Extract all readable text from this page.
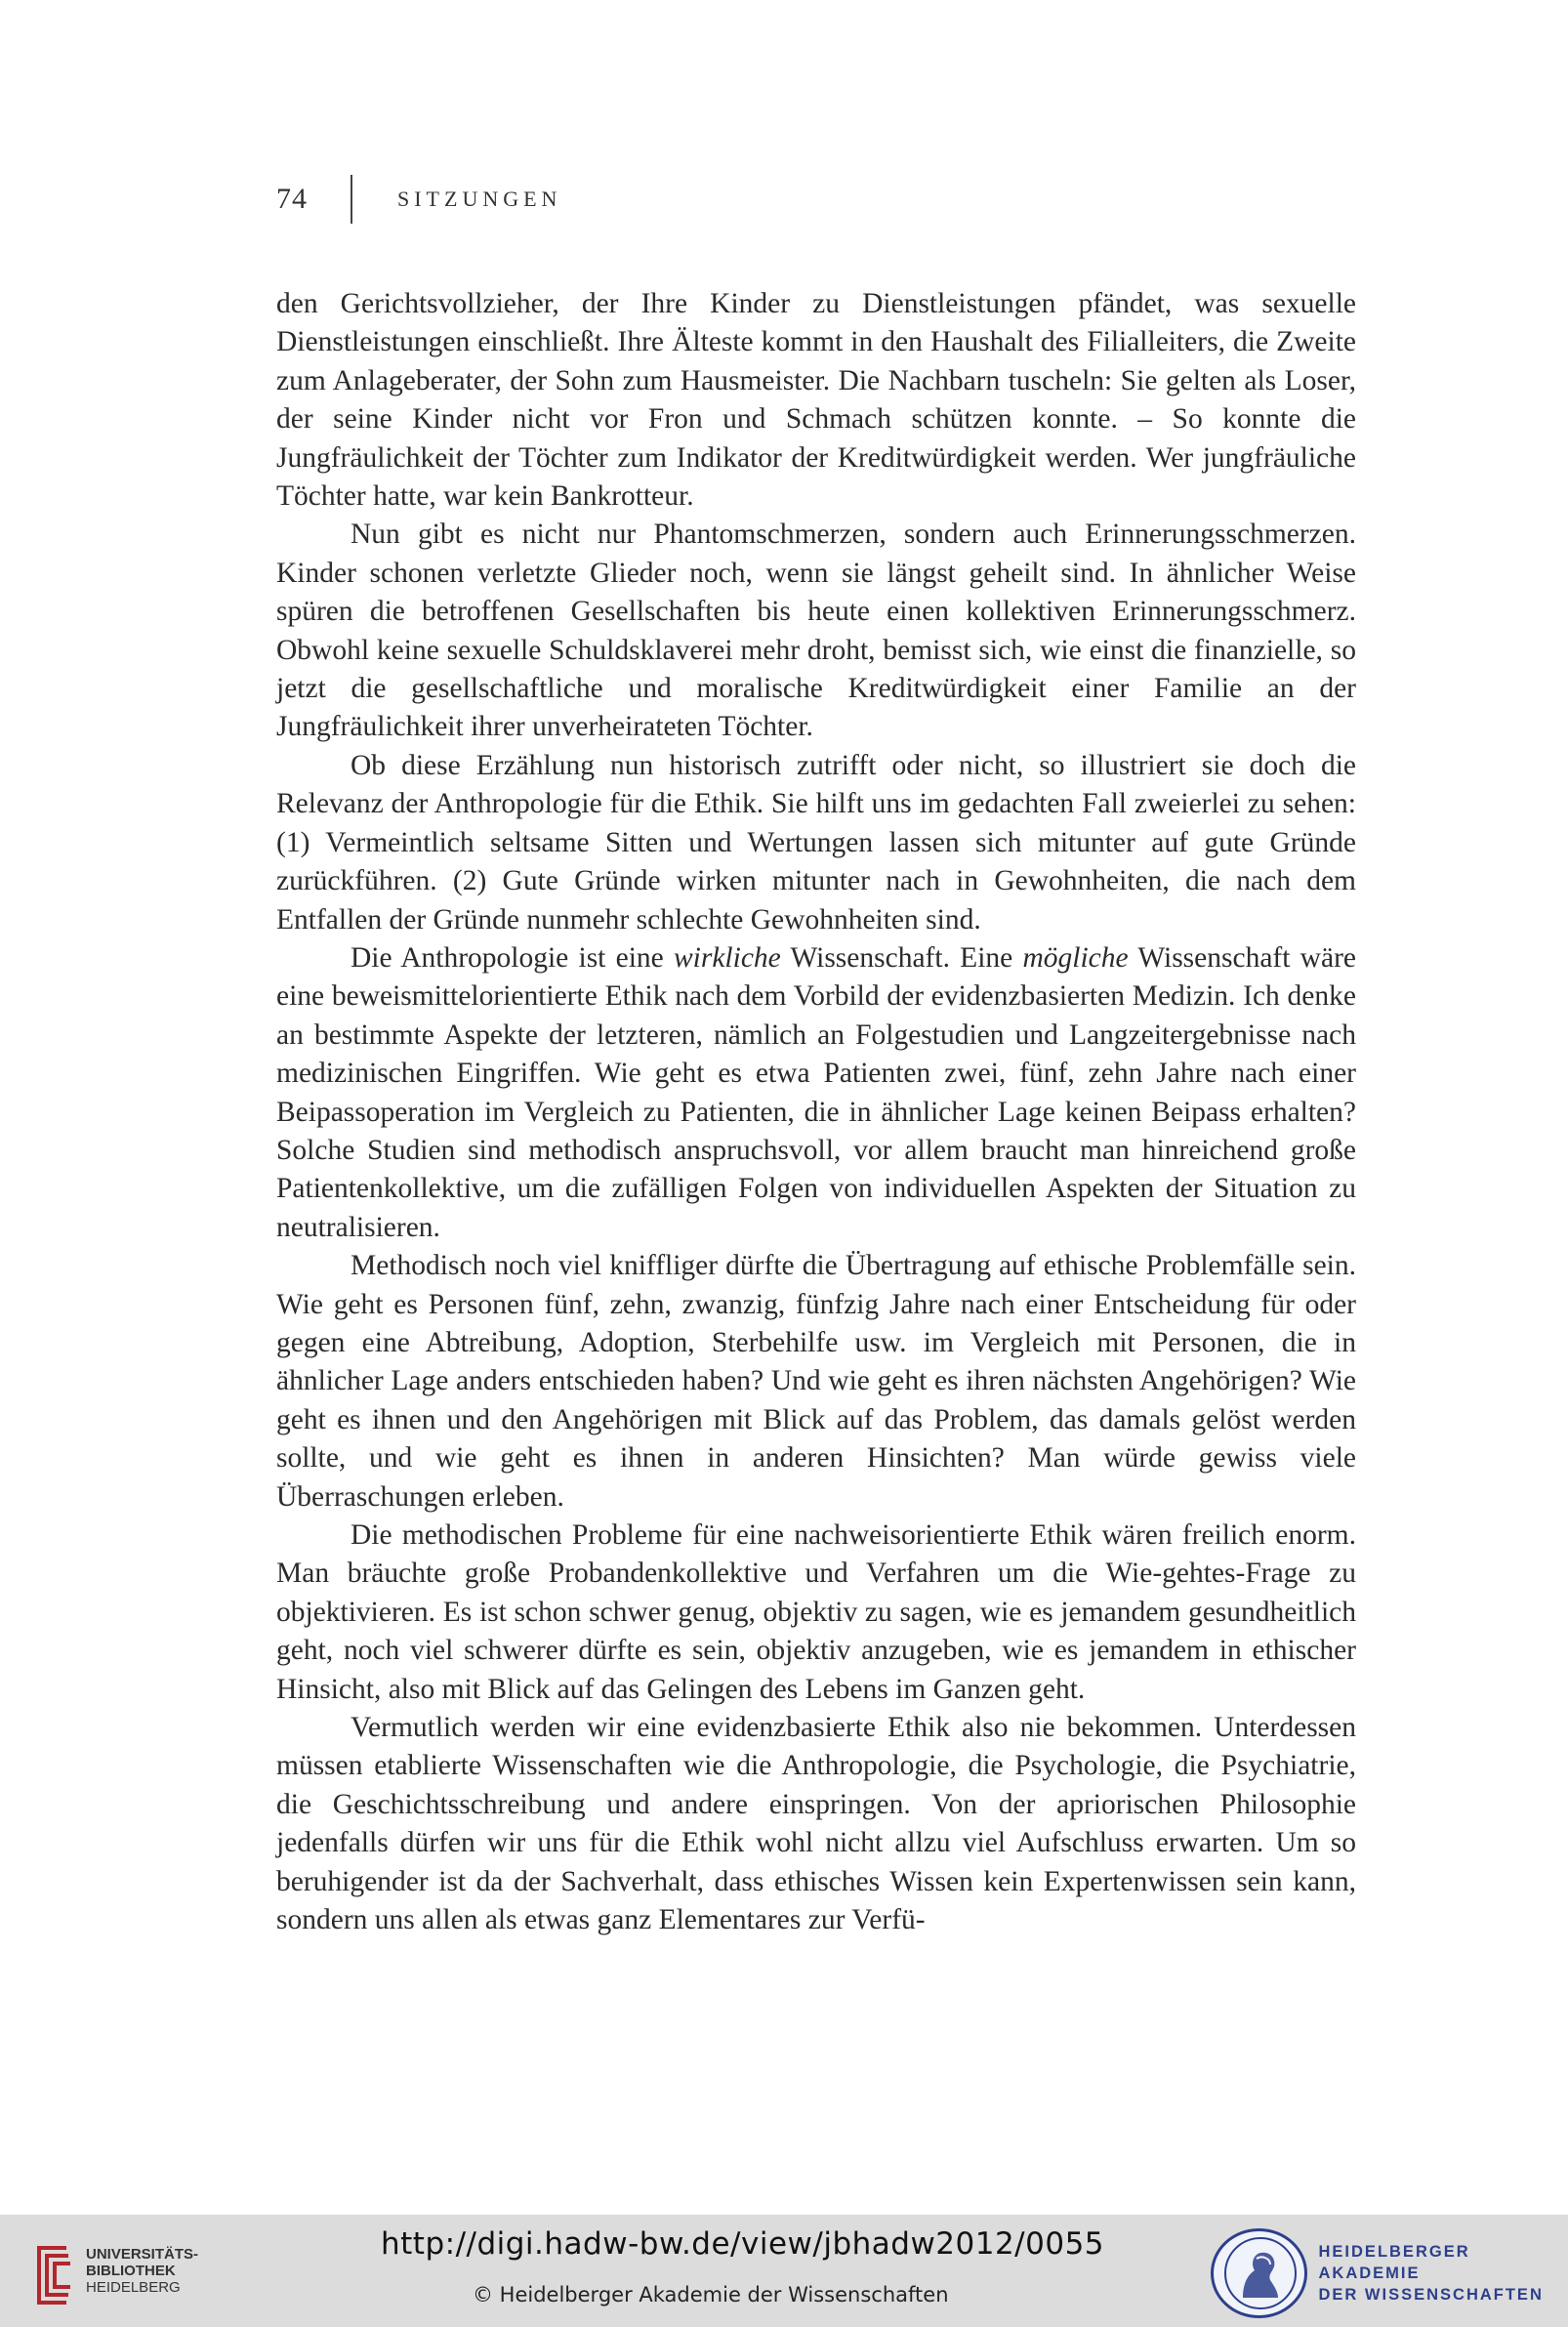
74	SITZUNGEN

den Gerichtsvollzieher, der Ihre Kinder zu Dienstleistungen pfändet, was sexuelle Dienstleistungen einschließt. Ihre Älteste kommt in den Haushalt des Filialleiters, die Zweite zum Anlageberater, der Sohn zum Hausmeister. Die Nachbarn tuscheln: Sie gelten als Loser, der seine Kinder nicht vor Fron und Schmach schützen konnte. – So konnte die Jungfräulichkeit der Töchter zum Indikator der Kreditwürdigkeit werden. Wer jungfräuliche Töchter hatte, war kein Bankrotteur.

Nun gibt es nicht nur Phantomschmerzen, sondern auch Erinnerungsschmerzen. Kinder schonen verletzte Glieder noch, wenn sie längst geheilt sind. In ähnlicher Weise spüren die betroffenen Gesellschaften bis heute einen kollektiven Erinnerungsschmerz. Obwohl keine sexuelle Schuldsklaverei mehr droht, bemisst sich, wie einst die finanzielle, so jetzt die gesellschaftliche und moralische Kreditwürdigkeit einer Familie an der Jungfräulichkeit ihrer unverheirateten Töchter.

Ob diese Erzählung nun historisch zutrifft oder nicht, so illustriert sie doch die Relevanz der Anthropologie für die Ethik. Sie hilft uns im gedachten Fall zweierlei zu sehen: (1) Vermeintlich seltsame Sitten und Wertungen lassen sich mitunter auf gute Gründe zurückführen. (2) Gute Gründe wirken mitunter nach in Gewohnheiten, die nach dem Entfallen der Gründe nunmehr schlechte Gewohnheiten sind.

Die Anthropologie ist eine wirkliche Wissenschaft. Eine mögliche Wissenschaft wäre eine beweismittelorientierte Ethik nach dem Vorbild der evidenzbasierten Medizin. Ich denke an bestimmte Aspekte der letzteren, nämlich an Folgestudien und Langzeitergebnisse nach medizinischen Eingriffen. Wie geht es etwa Patienten zwei, fünf, zehn Jahre nach einer Beipassoperation im Vergleich zu Patienten, die in ähnlicher Lage keinen Beipass erhalten? Solche Studien sind methodisch anspruchsvoll, vor allem braucht man hinreichend große Patientenkollektive, um die zufälligen Folgen von individuellen Aspekten der Situation zu neutralisieren.

Methodisch noch viel kniffliger dürfte die Übertragung auf ethische Problemfälle sein. Wie geht es Personen fünf, zehn, zwanzig, fünfzig Jahre nach einer Entscheidung für oder gegen eine Abtreibung, Adoption, Sterbehilfe usw. im Vergleich mit Personen, die in ähnlicher Lage anders entschieden haben? Und wie geht es ihren nächsten Angehörigen? Wie geht es ihnen und den Angehörigen mit Blick auf das Problem, das damals gelöst werden sollte, und wie geht es ihnen in anderen Hinsichten? Man würde gewiss viele Überraschungen erleben.

Die methodischen Probleme für eine nachweisorientierte Ethik wären freilich enorm. Man bräuchte große Probandenkollektive und Verfahren um die Wie-gehtes-Frage zu objektivieren. Es ist schon schwer genug, objektiv zu sagen, wie es jemandem gesundheitlich geht, noch viel schwerer dürfte es sein, objektiv anzugeben, wie es jemandem in ethischer Hinsicht, also mit Blick auf das Gelingen des Lebens im Ganzen geht.

Vermutlich werden wir eine evidenzbasierte Ethik also nie bekommen. Unterdessen müssen etablierte Wissenschaften wie die Anthropologie, die Psychologie, die Psychiatrie, die Geschichtsschreibung und andere einspringen. Von der apriorischen Philosophie jedenfalls dürfen wir uns für die Ethik wohl nicht allzu viel Aufschluss erwarten. Um so beruhigender ist da der Sachverhalt, dass ethisches Wissen kein Expertenwissen sein kann, sondern uns allen als etwas ganz Elementares zur Verfü-

UNIVERSITÄTS-
BIBLIOTHEK
HEIDELBERG
http://digi.hadw-bw.de/view/jbhadw2012/0055
© Heidelberger Akademie der Wissenschaften
HEIDELBERGER AKADEMIE
DER WISSENSCHAFTEN
